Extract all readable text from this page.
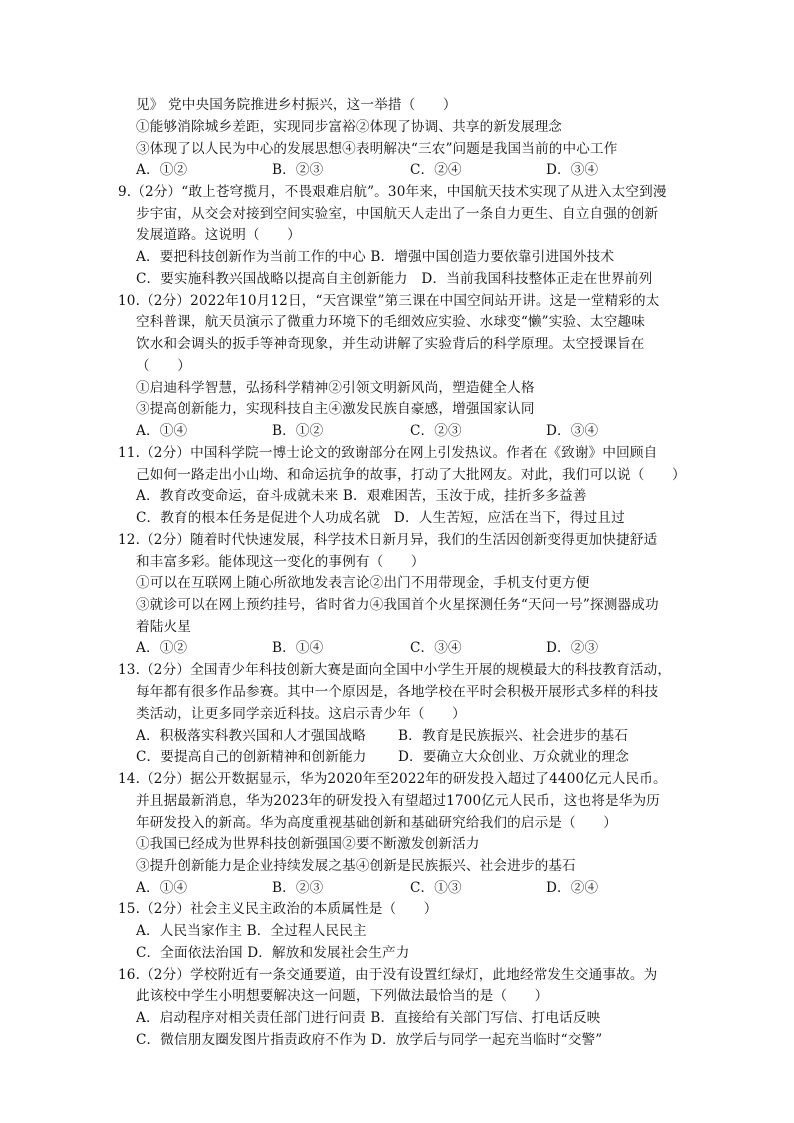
见》 党中央国务院推进乡村振兴，这一举措（　　）
①能够消除城乡差距，实现同步富裕②体现了协调、共享的新发展理念
③体现了以人民为中心的发展思想④表明解决“三农”问题是我国当前的中心工作
A．①②	B．②③	C．②④	D．③④
9.（2分）“敢上苍穹揽月，不畏艰难启航”。30年来，中国航天技术实现了从进入太空到漫
步宇宙，从交会对接到空间实验室，中国航天人走出了一条自力更生、自立自强的创新
发展道路。这说明（　　）
A．要把科技创新作为当前工作的中心 B．增强中国创造力要依靠引进国外技术
C．要实施科教兴国战略以提高自主创新能力　D．当前我国科技整体正走在世界前列
10.（2分）2022年10月12日，“天宫课堂”第三课在中国空间站开讲。这是一堂精彩的太
空科普课，航天员演示了微重力环境下的毛细效应实验、水球变“懒”实验、太空趣味
饮水和会调头的扳手等神奇现象，并生动讲解了实验背后的科学原理。太空授课旨在
（　　）
①启迪科学智慧，弘扬科学精神②引领文明新风尚，塑造健全人格
③提高创新能力，实现科技自主④激发民族自豪感，增强国家认同
A．①④	B．①②	C．②③	D．③④
11.（2分）中国科学院一博士论文的致谢部分在网上引发热议。作者在《致谢》中回顾自
己如何一路走出小山坳、和命运抗争的故事，打动了大批网友。对此，我们可以说（　　）
A．教育改变命运，奋斗成就未来 B．艰难困苦，玉汝于成，挂折多多益善
C．教育的根本任务是促进个人功成名就　D．人生苦短，应活在当下，得过且过
12.（2分）随着时代快速发展，科学技术日新月异，我们的生活因创新变得更加快捷舒适
和丰富多彩。能体现这一变化的事例有（　　）
①可以在互联网上随心所欲地发表言论②出门不用带现金，手机支付更方便
③就诊可以在网上预约挂号，省时省力④我国首个火星探测任务“天问一号”探测器成功
着陆火星
A．①②	B．①④	C．③④	D．②③
13.（2分）全国青少年科技创新大赛是面向全国中小学生开展的规模最大的科技教育活动，
每年都有很多作品参赛。其中一个原因是，各地学校在平时会积极开展形式多样的科技
类活动，让更多同学亲近科技。这启示青少年（　　）
A．积极落实科教兴国和人才强国战略 B．教育是民族振兴、社会进步的基石
C．要提高自己的创新精神和创新能力 D．要确立大众创业、万众就业的理念
14.（2分）据公开数据显示，华为2020年至2022年的研发投入超过了4400亿元人民币。
并且据最新消息，华为2023年的研发投入有望超过1700亿元人民币，这也将是华为历
年研发投入的新高。华为高度重视基础创新和基础研究给我们的启示是（　　）
①我国已经成为世界科技创新强国②要不断激发创新活力
③提升创新能力是企业持续发展之基④创新是民族振兴、社会进步的基石
A．①④	B．②③	C．①③	D．②④
15.（2分）社会主义民主政治的本质属性是（　　）
A．人民当家作主 B．全过程人民民主
C．全面依法治国 D．解放和发展社会生产力
16.（2分）学校附近有一条交通要道，由于没有设置红绿灯，此地经常发生交通事故。为
此该校中学生小明想要解决这一问题，下列做法最恰当的是（　　）
A．启动程序对相关责任部门进行问责 B．直接给有关部门写信、打电话反映
C．微信朋友圈发图片指责政府不作为 D．放学后与同学一起充当临时“交警”
